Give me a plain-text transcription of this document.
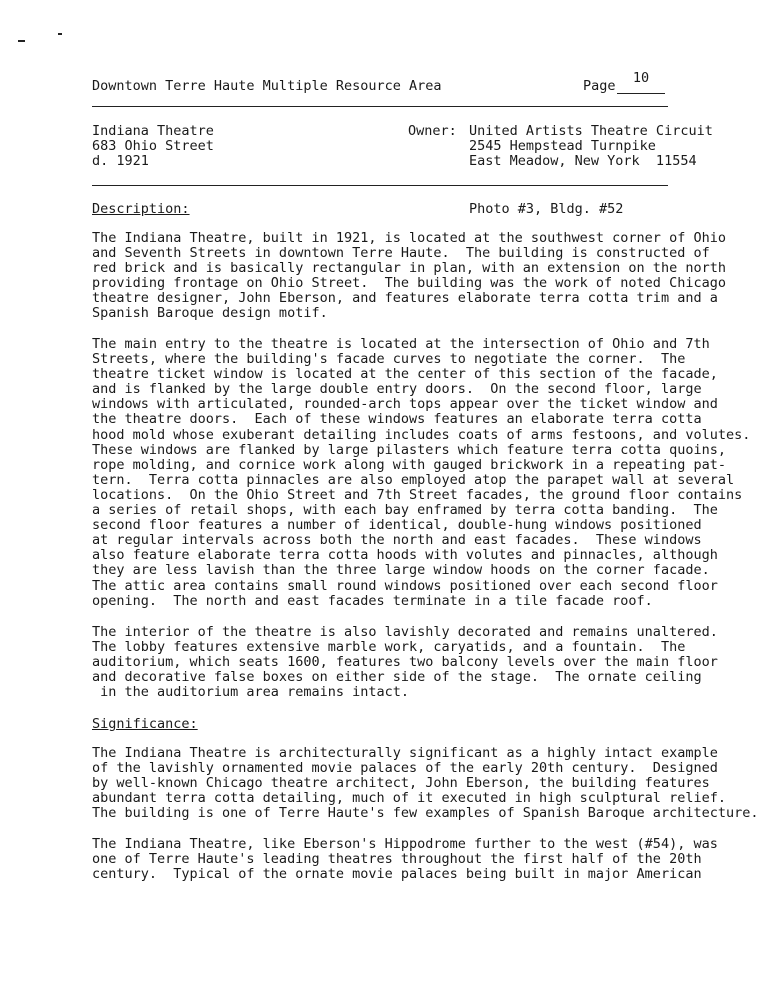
Downtown Terre Haute Multiple Resource Area	Page	10
Indiana Theatre
683 Ohio Street
d. 1921
Owner: United Artists Theatre Circuit
2545 Hempstead Turnpike
East Meadow, New York  11554
Description:	Photo #3, Bldg. #52
The Indiana Theatre, built in 1921, is located at the southwest corner of Ohio
and Seventh Streets in downtown Terre Haute.  The building is constructed of
red brick and is basically rectangular in plan, with an extension on the north
providing frontage on Ohio Street.  The building was the work of noted Chicago
theatre designer, John Eberson, and features elaborate terra cotta trim and a
Spanish Baroque design motif.
The main entry to the theatre is located at the intersection of Ohio and 7th
Streets, where the building's facade curves to negotiate the corner.  The
theatre ticket window is located at the center of this section of the facade,
and is flanked by the large double entry doors.  On the second floor, large
windows with articulated, rounded-arch tops appear over the ticket window and
the theatre doors.  Each of these windows features an elaborate terra cotta
hood mold whose exuberant detailing includes coats of arms festoons, and volutes.
These windows are flanked by large pilasters which feature terra cotta quoins,
rope molding, and cornice work along with gauged brickwork in a repeating pat-
tern.  Terra cotta pinnacles are also employed atop the parapet wall at several
locations.  On the Ohio Street and 7th Street facades, the ground floor contains
a series of retail shops, with each bay enframed by terra cotta banding.  The
second floor features a number of identical, double-hung windows positioned
at regular intervals across both the north and east facades.  These windows
also feature elaborate terra cotta hoods with volutes and pinnacles, although
they are less lavish than the three large window hoods on the corner facade.
The attic area contains small round windows positioned over each second floor
opening.  The north and east facades terminate in a tile facade roof.
The interior of the theatre is also lavishly decorated and remains unaltered.
The lobby features extensive marble work, caryatids, and a fountain.  The
auditorium, which seats 1600, features two balcony levels over the main floor
and decorative false boxes on either side of the stage.  The ornate ceiling
in the auditorium area remains intact.
Significance:
The Indiana Theatre is architecturally significant as a highly intact example
of the lavishly ornamented movie palaces of the early 20th century.  Designed
by well-known Chicago theatre architect, John Eberson, the building features
abundant terra cotta detailing, much of it executed in high sculptural relief.
The building is one of Terre Haute's few examples of Spanish Baroque architecture.
The Indiana Theatre, like Eberson's Hippodrome further to the west (#54), was
one of Terre Haute's leading theatres throughout the first half of the 20th
century.  Typical of the ornate movie palaces being built in major American
